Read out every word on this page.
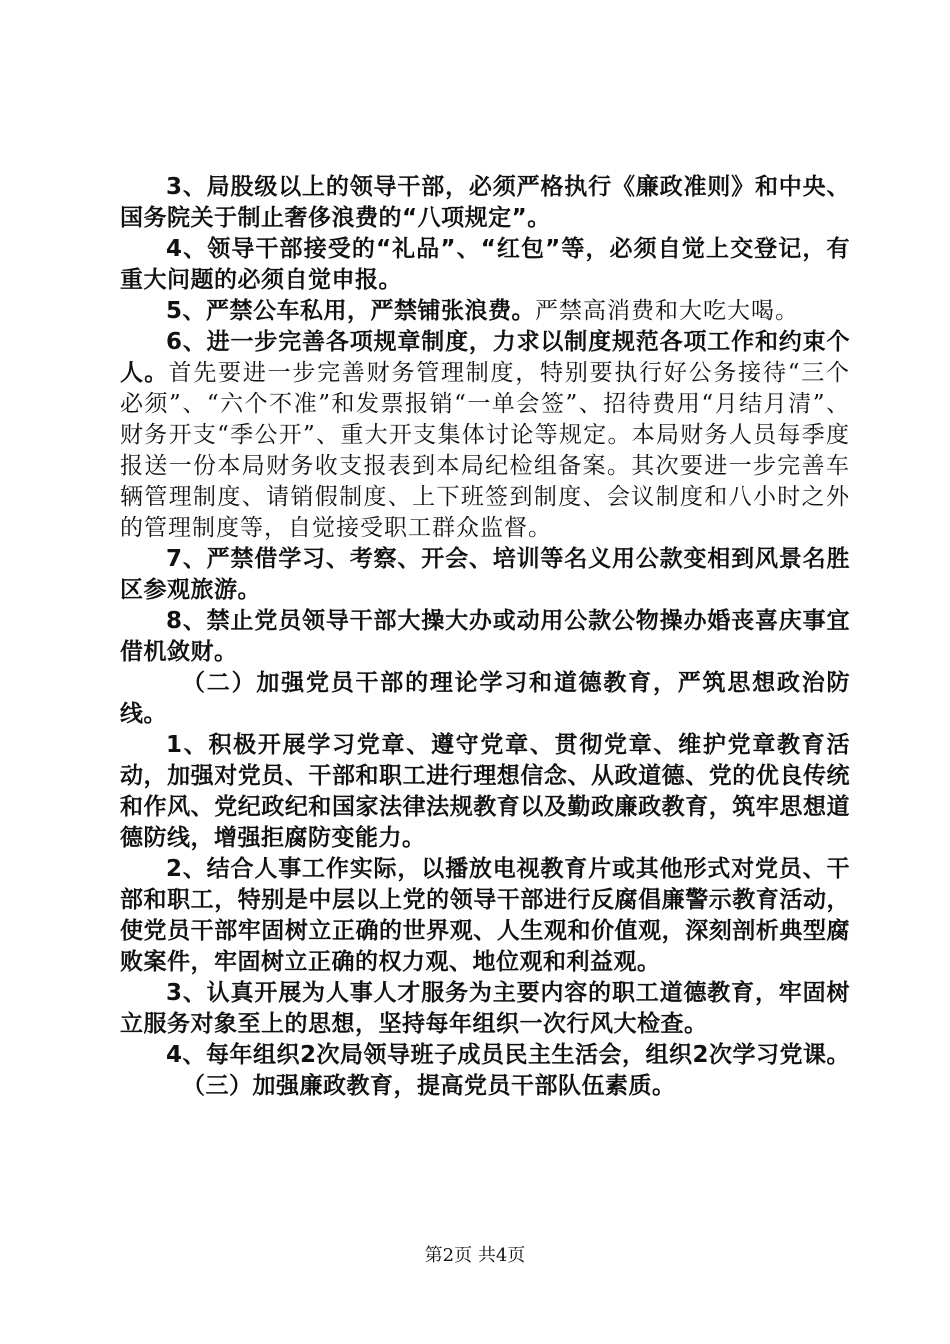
3、局股级以上的领导干部，必须严格执行《廉政准则》和中央、国务院关于制止奢侈浪费的“八项规定”。

4、领导干部接受的“礼品”、“红包”等，必须自觉上交登记，有重大问题的必须自觉申报。

5、严禁公车私用，严禁铺张浪费。严禁高消费和大吃大喝。

6、进一步完善各项规章制度，力求以制度规范各项工作和约束个人。首先要进一步完善财务管理制度，特别要执行好公务接待“三个必须”、“六个不准”和发票报销“一单会签”、招待费用“月结月清”、财务开支“季公开”、重大开支集体讨论等规定。本局财务人员每季度报送一份本局财务收支报表到本局纪检组备案。其次要进一步完善车辆管理制度、请销假制度、上下班签到制度、会议制度和八小时之外的管理制度等，自觉接受职工群众监督。

7、严禁借学习、考察、开会、培训等名义用公款变相到风景名胜区参观旅游。

8、禁止党员领导干部大操大办或动用公款公物操办婚丧喜庆事宜借机敛财。

（二）加强党员干部的理论学习和道德教育，严筑思想政治防线。

1、积极开展学习党章、遵守党章、贯彻党章、维护党章教育活动，加强对党员、干部和职工进行理想信念、从政道德、党的优良传统和作风、党纪政纪和国家法律法规教育以及勤政廉政教育，筑牢思想道德防线，增强拒腐防变能力。

2、结合人事工作实际，以播放电视教育片或其他形式对党员、干部和职工，特别是中层以上党的领导干部进行反腐倡廉警示教育活动，使党员干部牢固树立正确的世界观、人生观和价值观，深刻剖析典型腐败案件，牢固树立正确的权力观、地位观和利益观。

3、认真开展为人事人才服务为主要内容的职工道德教育，牢固树立服务对象至上的思想，坚持每年组织一次行风大检查。

4、每年组织2次局领导班子成员民主生活会，组织2次学习党课。

（三）加强廉政教育，提高党员干部队伍素质。

第2页 共4页
